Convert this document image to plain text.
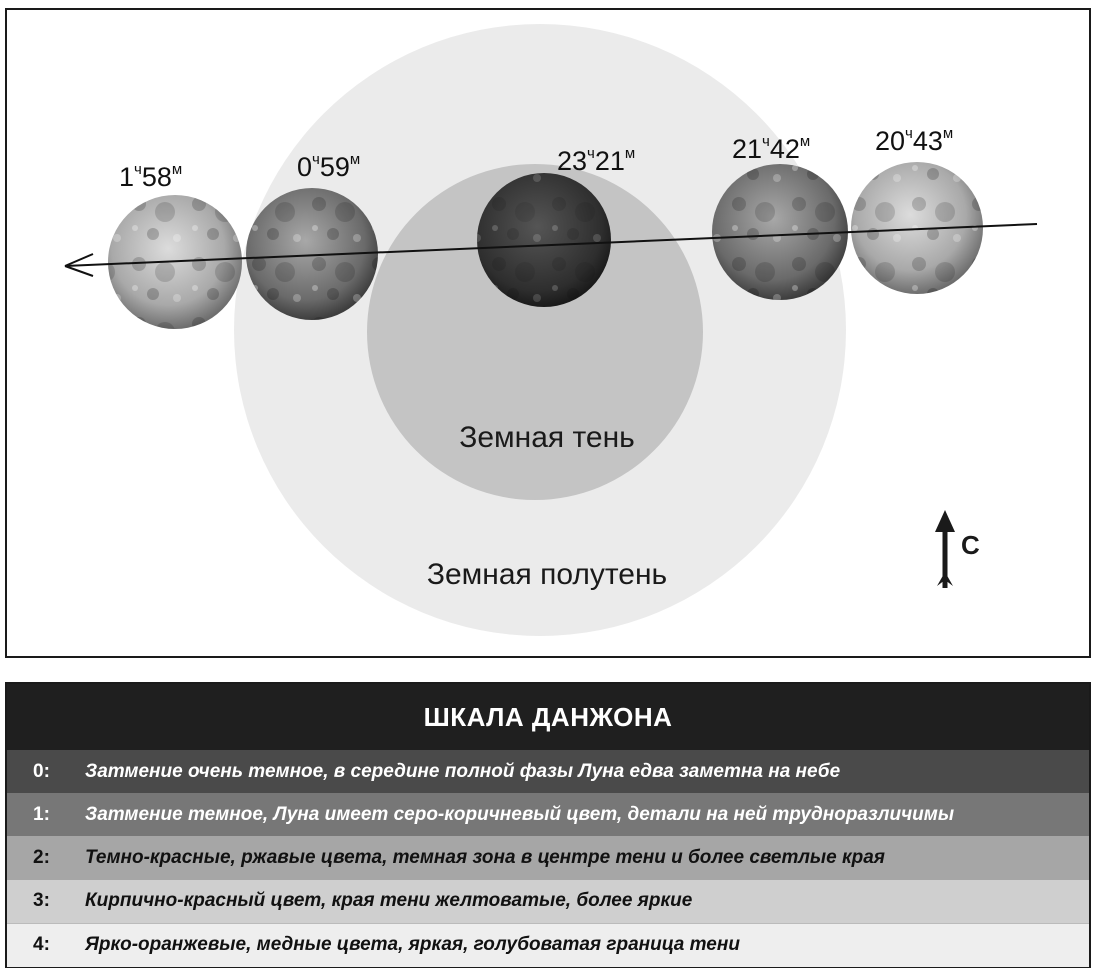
$1^ч58^м$	$0^ч59^м$	$23^ч21^м$	$21^ч42^м$ $20^ч43^м$
Земная тень
Земная полутень
С
ШКАЛА ДАНЖОНА
0:	Затмение очень темное, в середине полной фазы Луна едва заметна на небе
1:	Затмение темное, Луна имеет серо-коричневый цвет, детали на ней трудноразличимы
2:	Темно-красные, ржавые цвета, темная зона в центре тени и более светлые края
3:	Кирпично-красный цвет, края тени желтоватые, более яркие
4:	Ярко-оранжевые, медные цвета, яркая, голубоватая граница тени
